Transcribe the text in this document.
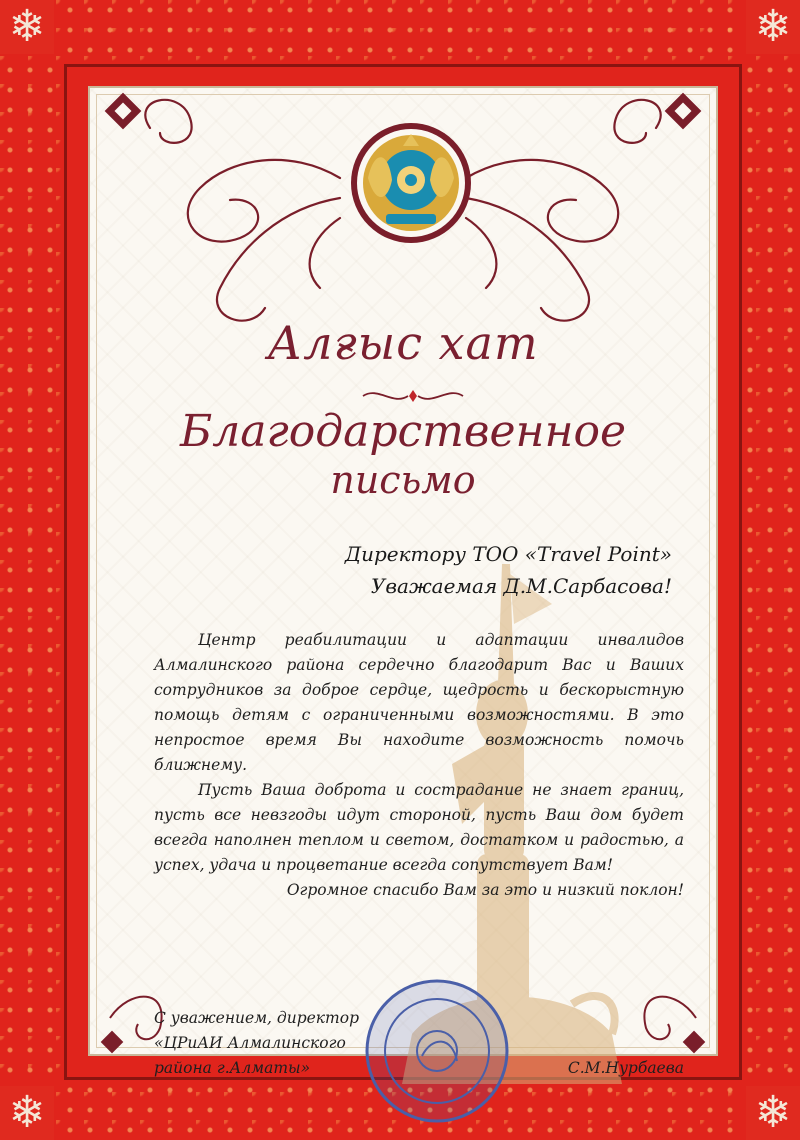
❄	❄
❄	❄
Алғыс хат
Благодарственное
письмо
Директору ТОО «Travel Point»
Уважаемая Д.М.Сарбасова!

Центр реабилитации и адаптации инвалидов Алмалинского района сердечно благодарит Вас и Ваших сотрудников за доброе сердце, щедрость и бескорыстную помощь детям с ограниченными возможностями. В это непростое время Вы находите возможность помочь ближнему.

Пусть Ваша доброта и сострадание не знает границ, пусть все невзгоды идут стороной, пусть Ваш дом будет всегда наполнен теплом и светом, достатком и радостью, а успех, удача и процветание всегда сопутствует Вам!

Огромное спасибо Вам за это и низкий поклон!

С уважением, директор
«ЦРиАИ Алмалинского
района г.Алматы»	С.М.Нурбаева
